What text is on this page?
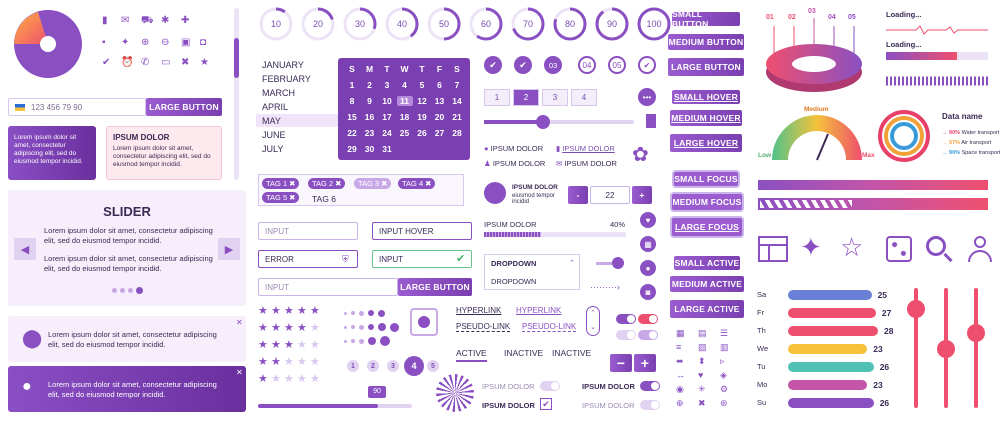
▮ ✉ ⛟ ✱ ✚
▪ ✦ ⊕ ⊖ ▣ ◘
✔ ⏰ ✆ ▭ ✖ ★
123 456 79 90	LARGE BUTTON
Lorem ipsum dolor sit amet, consectetur adipiscing elit, sed do eiusmod tempor incidid.
IPSUM DOLOR
Lorem ipsum dolor sit amet, consectetur adipiscing elit, sed do eiusmod tempor incidid.
SLIDER
◀	▶
Lorem ipsum dolor sit amet, consectetur adipiscing elit, sed do eiusmod tempor incidid.
Lorem ipsum dolor sit amet, consectetur adipiscing elit, sed do eiusmod tempor incidid.
⬤ Lorem ipsum dolor sit amet, consectetur adipiscing elit, sed do eiusmod tempor incidid.
✕
● Lorem ipsum dolor sit amet, consectetur adipiscing elit, sed do eiusmod tempor incidid.
✕
10	20	30	40	50	60	70	80	90	100
JANUARY
FEBRUARY
MARCH
APRIL
MAY
JUNE
JULY
S	M	T	W	T	F	S
1	2	3	4	5	6	7
8	9	10 11 12 13 14
15 16 17 18 19 20 21
22 23 24 25 26 27 28
29 30 31
TAG 1 ✖ TAG 2 ✖ TAG 3 ✖ TAG 4 ✖
TAG 5 ✖ TAG 6
INPUT	INPUT HOVER
ERROR	⛨	INPUT	✔
INPUT	LARGE BUTTON
★ ★ ★ ★ ★
★ ★ ★ ★ ★
★ ★ ★ ★ ★
★ ★ ★ ★ ★
★ ★ ★ ★ ★
1	2	3	4	5
90
✔	✔	03	04	05	✔
1	2	3	4	•••
● IPSUM DOLOR ▮ IPSUM DOLOR
♟ IPSUM DOLOR ✉ IPSUM DOLOR ✿
IPSUM DOLOR
eiusmod tempor incidid
-	22	+
IPSUM DOLOR	40%
DROPDOWN	⌃
DROPDOWN
·········›
HYPERLINK HYPERLINK
PSEUDO-LINK PSEUDO-LINK
⌃
⌄
ACTIVE INACTIVE INACTIVE
−	+
IPSUM DOLOR
IPSUM DOLOR ✔
IPSUM DOLOR
IPSUM DOLOR
♥
▦
●
◙
SMALL BUTTON
MEDIUM BUTTON
LARGE BUTTON
SMALL HOVER
MEDIUM HOVER
LARGE HOVER
SMALL FOCUS
MEDIUM FOCUS
LARGE FOCUS
SMALL ACTIVE
MEDIUM ACTIVE
LARGE ACTIVE
▦ ▤ ☰
≡ ▧ ▥
⬌ ⬍ ▹
↔ ♥ ◈
◉ ✳ ⚙
⊕ ✖ ⊛
01 02
03
04 05	Loading...
Loading...
Medium
Low	Max
Data name
→ 90% Water transport
→ 57% Air transport
→ 90% Space transport
✦ ☆
Sa	25
Fr	27
Th	28
We	23
Tu	26
Mo	23
Su	26
